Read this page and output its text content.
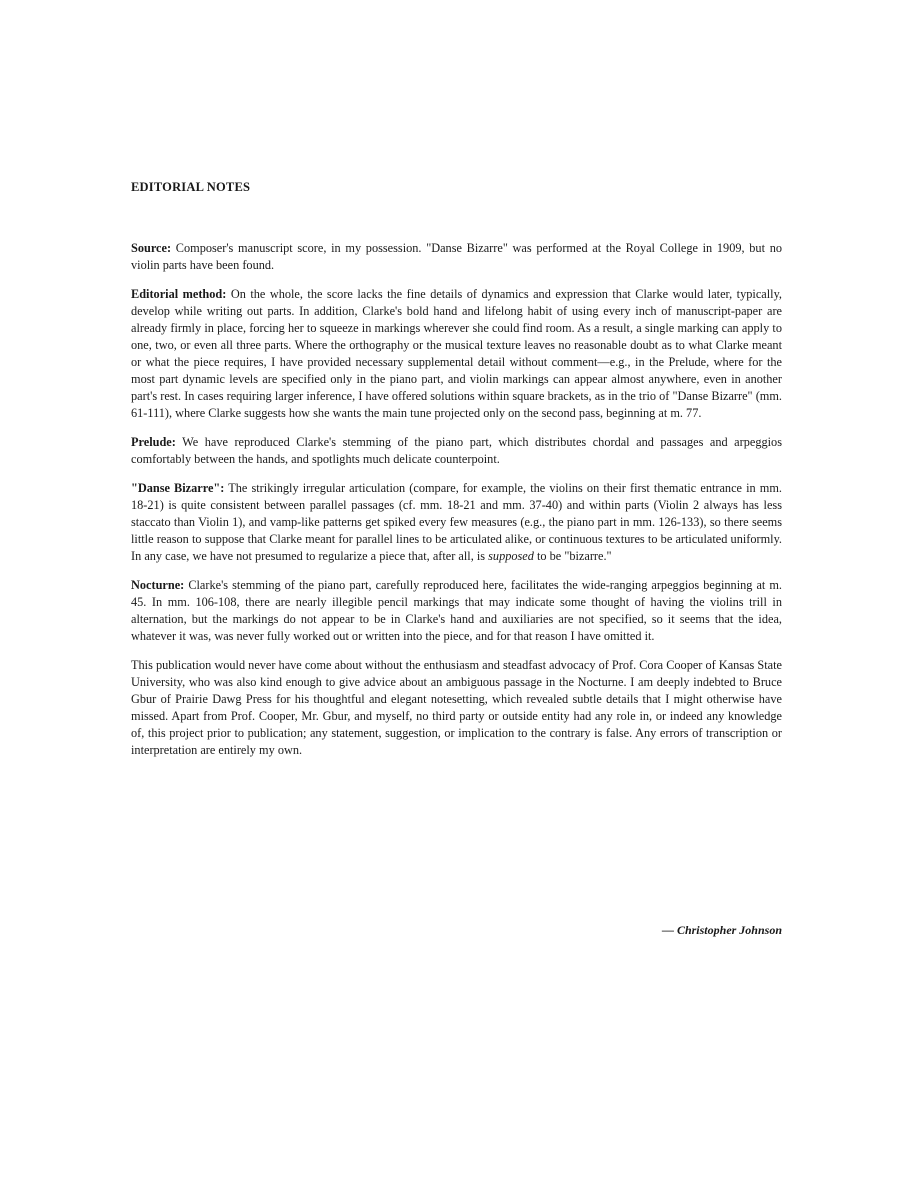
EDITORIAL NOTES

Source: Composer's manuscript score, in my possession. "Danse Bizarre" was performed at the Royal College in 1909, but no violin parts have been found.

Editorial method: On the whole, the score lacks the fine details of dynamics and expression that Clarke would later, typically, develop while writing out parts. In addition, Clarke's bold hand and lifelong habit of using every inch of manuscript-paper are already firmly in place, forcing her to squeeze in markings wherever she could find room. As a result, a single marking can apply to one, two, or even all three parts. Where the orthography or the musical texture leaves no reasonable doubt as to what Clarke meant or what the piece requires, I have provided necessary supplemental detail without comment—e.g., in the Prelude, where for the most part dynamic levels are specified only in the piano part, and violin markings can appear almost anywhere, even in another part's rest. In cases requiring larger inference, I have offered solutions within square brackets, as in the trio of "Danse Bizarre" (mm. 61-111), where Clarke suggests how she wants the main tune projected only on the second pass, beginning at m. 77.

Prelude: We have reproduced Clarke's stemming of the piano part, which distributes chordal and passages and arpeggios comfortably between the hands, and spotlights much delicate counterpoint.

"Danse Bizarre": The strikingly irregular articulation (compare, for example, the violins on their first thematic entrance in mm. 18-21) is quite consistent between parallel passages (cf. mm. 18-21 and mm. 37-40) and within parts (Violin 2 always has less staccato than Violin 1), and vamp-like patterns get spiked every few measures (e.g., the piano part in mm. 126-133), so there seems little reason to suppose that Clarke meant for parallel lines to be articulated alike, or continuous textures to be articulated uniformly. In any case, we have not presumed to regularize a piece that, after all, is supposed to be "bizarre."

Nocturne: Clarke's stemming of the piano part, carefully reproduced here, facilitates the wide-ranging arpeggios beginning at m. 45. In mm. 106-108, there are nearly illegible pencil markings that may indicate some thought of having the violins trill in alternation, but the markings do not appear to be in Clarke's hand and auxiliaries are not specified, so it seems that the idea, whatever it was, was never fully worked out or written into the piece, and for that reason I have omitted it.

This publication would never have come about without the enthusiasm and steadfast advocacy of Prof. Cora Cooper of Kansas State University, who was also kind enough to give advice about an ambiguous passage in the Nocturne. I am deeply indebted to Bruce Gbur of Prairie Dawg Press for his thoughtful and elegant notesetting, which revealed subtle details that I might otherwise have missed. Apart from Prof. Cooper, Mr. Gbur, and myself, no third party or outside entity had any role in, or indeed any knowledge of, this project prior to publication; any statement, suggestion, or implication to the contrary is false. Any errors of transcription or interpretation are entirely my own.

— Christopher Johnson
